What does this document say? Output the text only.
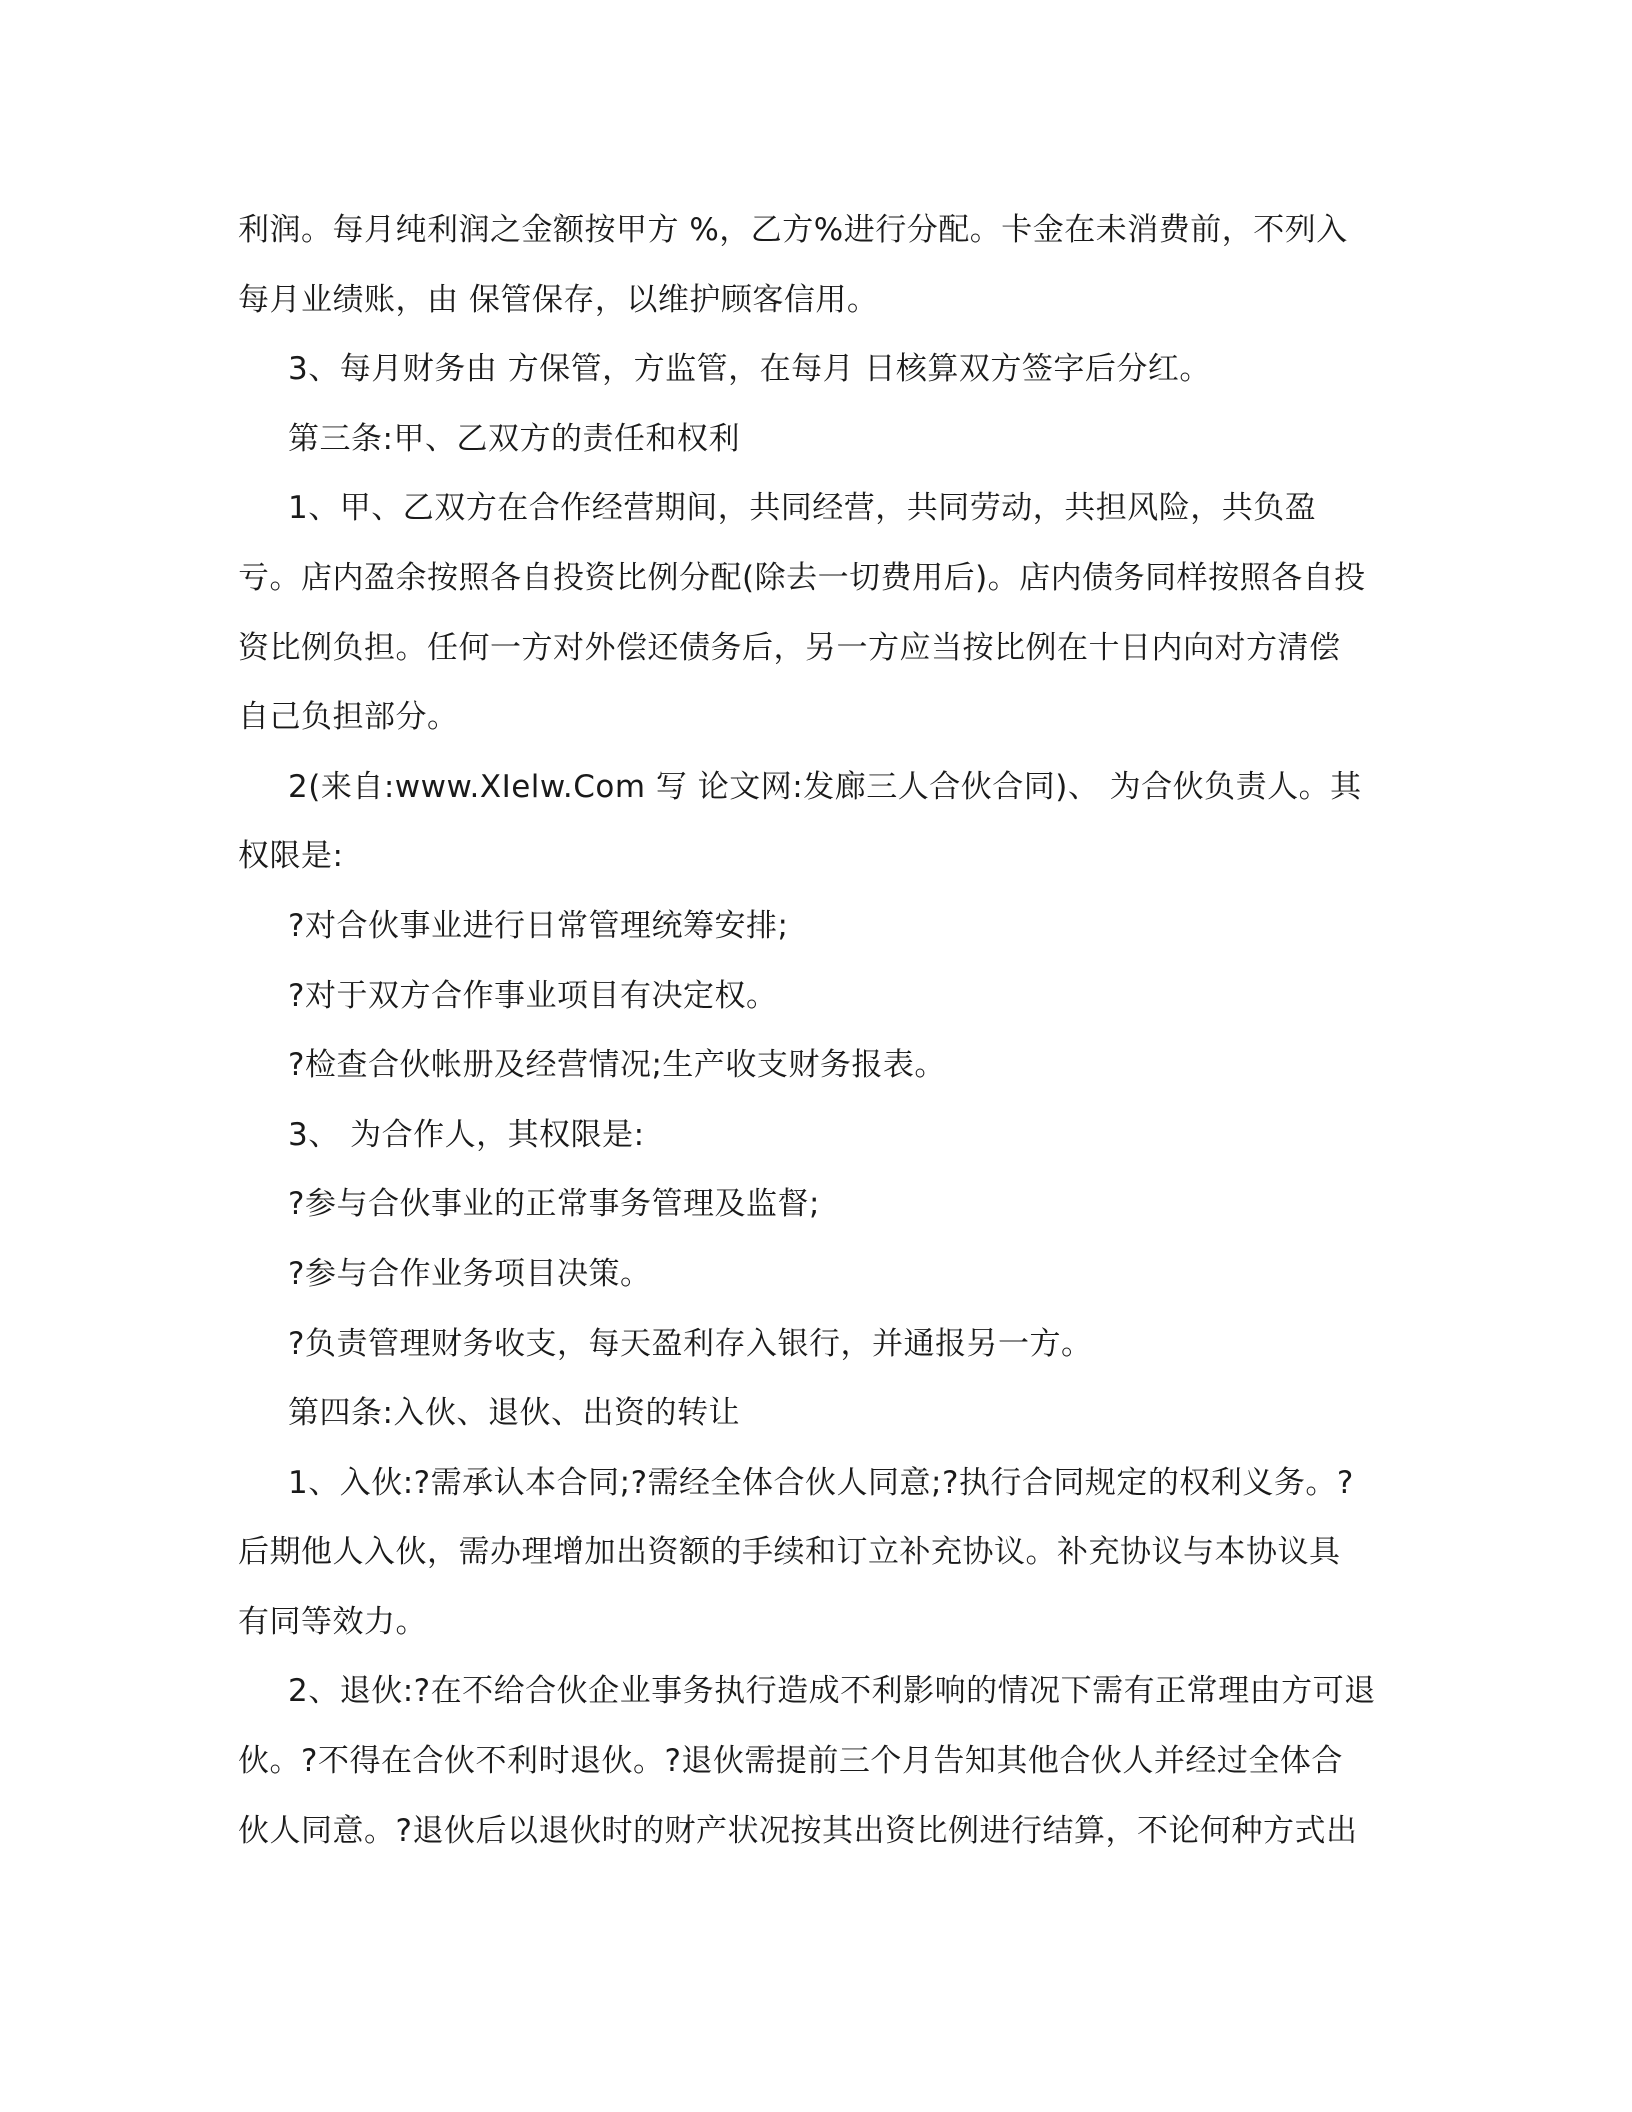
利润。每月纯利润之金额按甲方 %，乙方%进行分配。卡金在未消费前，不列入

每月业绩账，由 保管保存，以维护顾客信用。

3、每月财务由 方保管，方监管，在每月 日核算双方签字后分红。

第三条:甲、乙双方的责任和权利

1、甲、乙双方在合作经营期间，共同经营，共同劳动，共担风险，共负盈

亏。店内盈余按照各自投资比例分配(除去一切费用后)。店内债务同样按照各自投

资比例负担。任何一方对外偿还债务后，另一方应当按比例在十日内向对方清偿

自己负担部分。

2(来自:www.XIelw.Com 写 论文网:发廊三人合伙合同)、 为合伙负责人。其

权限是:

?对合伙事业进行日常管理统筹安排;

?对于双方合作事业项目有决定权。

?检查合伙帐册及经营情况;生产收支财务报表。

3、 为合作人，其权限是:

?参与合伙事业的正常事务管理及监督;

?参与合作业务项目决策。

?负责管理财务收支，每天盈利存入银行，并通报另一方。

第四条:入伙、退伙、出资的转让

1、入伙:?需承认本合同;?需经全体合伙人同意;?执行合同规定的权利义务。?

后期他人入伙，需办理增加出资额的手续和订立补充协议。补充协议与本协议具

有同等效力。

2、退伙:?在不给合伙企业事务执行造成不利影响的情况下需有正常理由方可退

伙。?不得在合伙不利时退伙。?退伙需提前三个月告知其他合伙人并经过全体合

伙人同意。?退伙后以退伙时的财产状况按其出资比例进行结算，不论何种方式出
